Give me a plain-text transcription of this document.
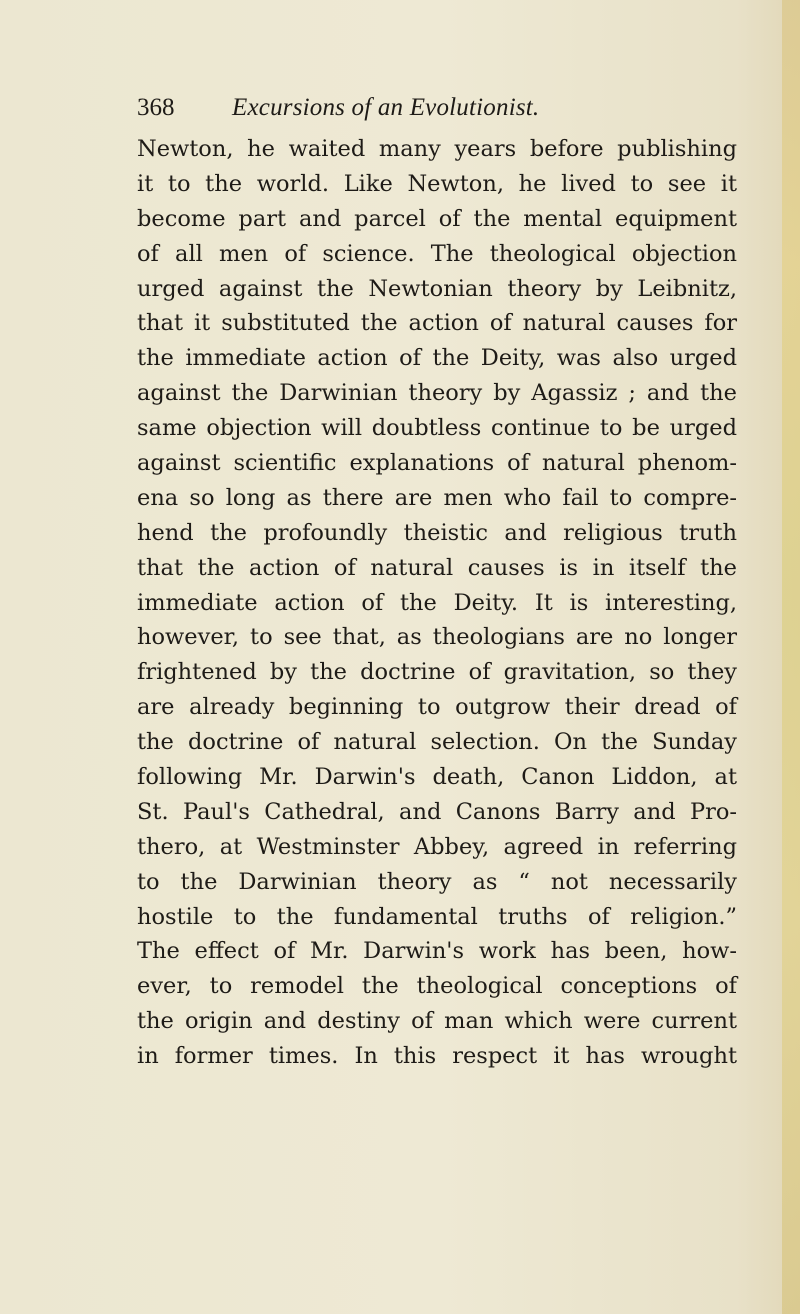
368 Excursions of an Evolutionist.
Newton, he waited many years before publishing
it to the world. Like Newton, he lived to see it
become part and parcel of the mental equipment
of all men of science. The theological objection
urged against the Newtonian theory by Leibnitz,
that it substituted the action of natural causes for
the immediate action of the Deity, was also urged
against the Darwinian theory by Agassiz ; and the
same objection will doubtless continue to be urged
against scientific explanations of natural phenom-
ena so long as there are men who fail to compre-
hend the profoundly theistic and religious truth
that the action of natural causes is in itself the
immediate action of the Deity. It is interesting,
however, to see that, as theologians are no longer
frightened by the doctrine of gravitation, so they
are already beginning to outgrow their dread of
the doctrine of natural selection. On the Sunday
following Mr. Darwin's death, Canon Liddon, at
St. Paul's Cathedral, and Canons Barry and Pro-
thero, at Westminster Abbey, agreed in referring
to the Darwinian theory as “ not necessarily
hostile to the fundamental truths of religion.”
The effect of Mr. Darwin's work has been, how-
ever, to remodel the theological conceptions of
the origin and destiny of man which were current
in former times. In this respect it has wrought
